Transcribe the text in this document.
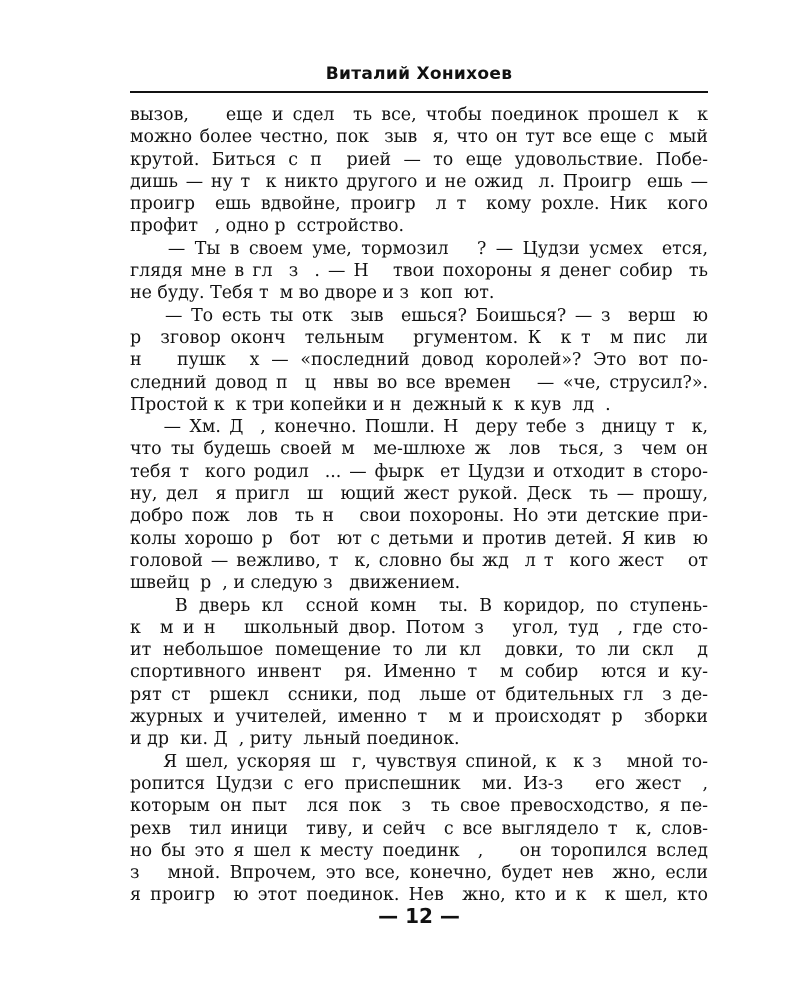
Виталий Хонихоев
вызов,    еще и сдел  ть все, чтобы поединок прошел к  к
можно более честно, пок  зыв  я, что он тут все еще с  мый
крутой. Биться с п  рией — то еще удовольствие. Побе-
дишь — ну т  к никто другого и не ожид  л. Проигр  ешь —
проигр  ешь вдвойне, проигр  л т  кому рохле. Ник  кого
профит   , одно р  сстройство.
— Ты в своем уме, тормозил   ? — Цудзи усмех  ется,
глядя мне в гл  з  . — Н   твои похороны я денег собир  ть
не буду. Тебя т  м во дворе и з  коп  ют.
— То есть ты отк  зыв  ешься? Боишься? — з  верш  ю
р  зговор оконч  тельным   ргументом. К  к т  м пис  ли
н   пушк  х — «последний довод королей»? Это вот по-
следний довод п  ц  нвы во все времен   — «че, струсил?».
Простой к  к три копейки и н  дежный к  к кув  лд  .
— Хм. Д  , конечно. Пошли. Н  деру тебе з  дницу т  к,
что ты будешь своей м  ме-шлюхе ж  лов  ться, з  чем он
тебя т  кого родил  ... — фырк  ет Цудзи и отходит в сторо-
ну, дел  я пригл  ш  ющий жест рукой. Деск  ть — прошу,
добро пож  лов  ть н   свои похороны. Но эти детские при-
колы хорошо р  бот  ют с детьми и против детей. Я кив  ю
головой — вежливо, т  к, словно бы жд  л т  кого жест   от
швейц  р  , и следую з   движением.
В дверь кл  ссной комн  ты. В коридор, по ступень-
к  м и н   школьный двор. Потом з   угол, туд  , где сто-
ит небольшое помещение то ли кл  довки, то ли скл  д
спортивного инвент  ря. Именно т  м собир  ются и ку-
рят ст  ршекл  ссники, под  льше от бдительных гл  з де-
журных и учителей, именно т  м и происходят р  зборки
и др  ки. Д  , риту  льный поединок.
Я шел, ускоряя ш  г, чувствуя спиной, к  к з   мной то-
ропится Цудзи с его приспешник  ми. Из-з   его жест  ,
которым он пыт  лся пок  з  ть свое превосходство, я пе-
рехв  тил иници  тиву, и сейч  с все выглядело т  к, слов-
но бы это я шел к месту поединк  ,    он торопился вслед
з   мной. Впрочем, это все, конечно, будет нев  жно, если
я проигр  ю этот поединок. Нев  жно, кто и к  к шел, кто
— 12 —
